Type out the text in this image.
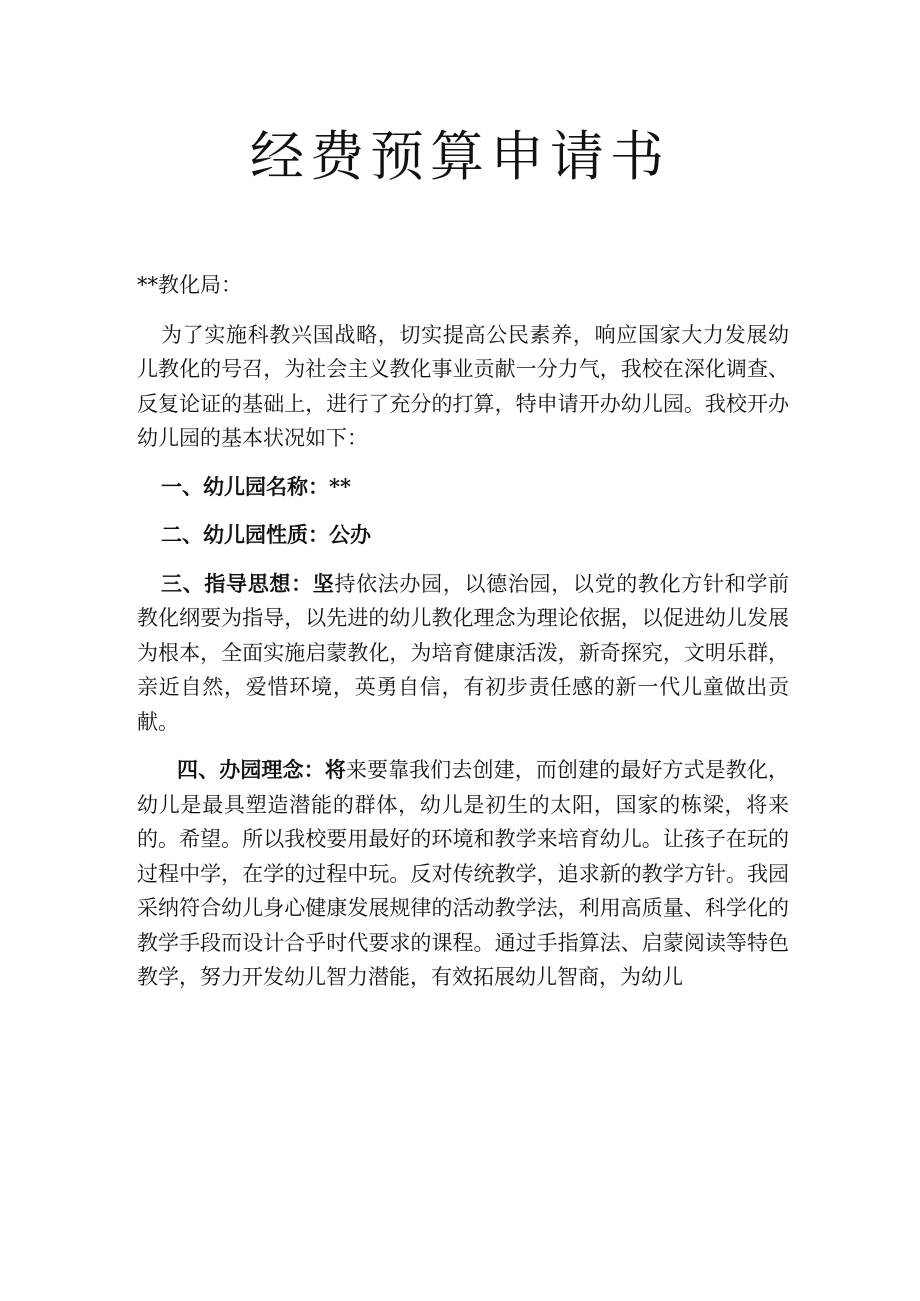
经费预算申请书

**教化局：

为了实施科教兴国战略，切实提高公民素养，响应国家大力发展幼儿教化的号召，为社会主义教化事业贡献一分力气，我校在深化调查、反复论证的基础上，进行了充分的打算，特申请开办幼儿园。我校开办幼儿园的基本状况如下：

一、幼儿园名称：**

二、幼儿园性质：公办

三、指导思想：坚持依法办园，以德治园，以党的教化方针和学前教化纲要为指导，以先进的幼儿教化理念为理论依据，以促进幼儿发展为根本，全面实施启蒙教化，为培育健康活泼，新奇探究，文明乐群，亲近自然，爱惜环境，英勇自信，有初步责任感的新一代儿童做出贡献。

四、办园理念：将来要靠我们去创建，而创建的最好方式是教化，幼儿是最具塑造潜能的群体，幼儿是初生的太阳，国家的栋梁，将来的。希望。所以我校要用最好的环境和教学来培育幼儿。让孩子在玩的过程中学，在学的过程中玩。反对传统教学，追求新的教学方针。我园采纳符合幼儿身心健康发展规律的活动教学法，利用高质量、科学化的教学手段而设计合乎时代要求的课程。通过手指算法、启蒙阅读等特色教学，努力开发幼儿智力潜能，有效拓展幼儿智商，为幼儿
